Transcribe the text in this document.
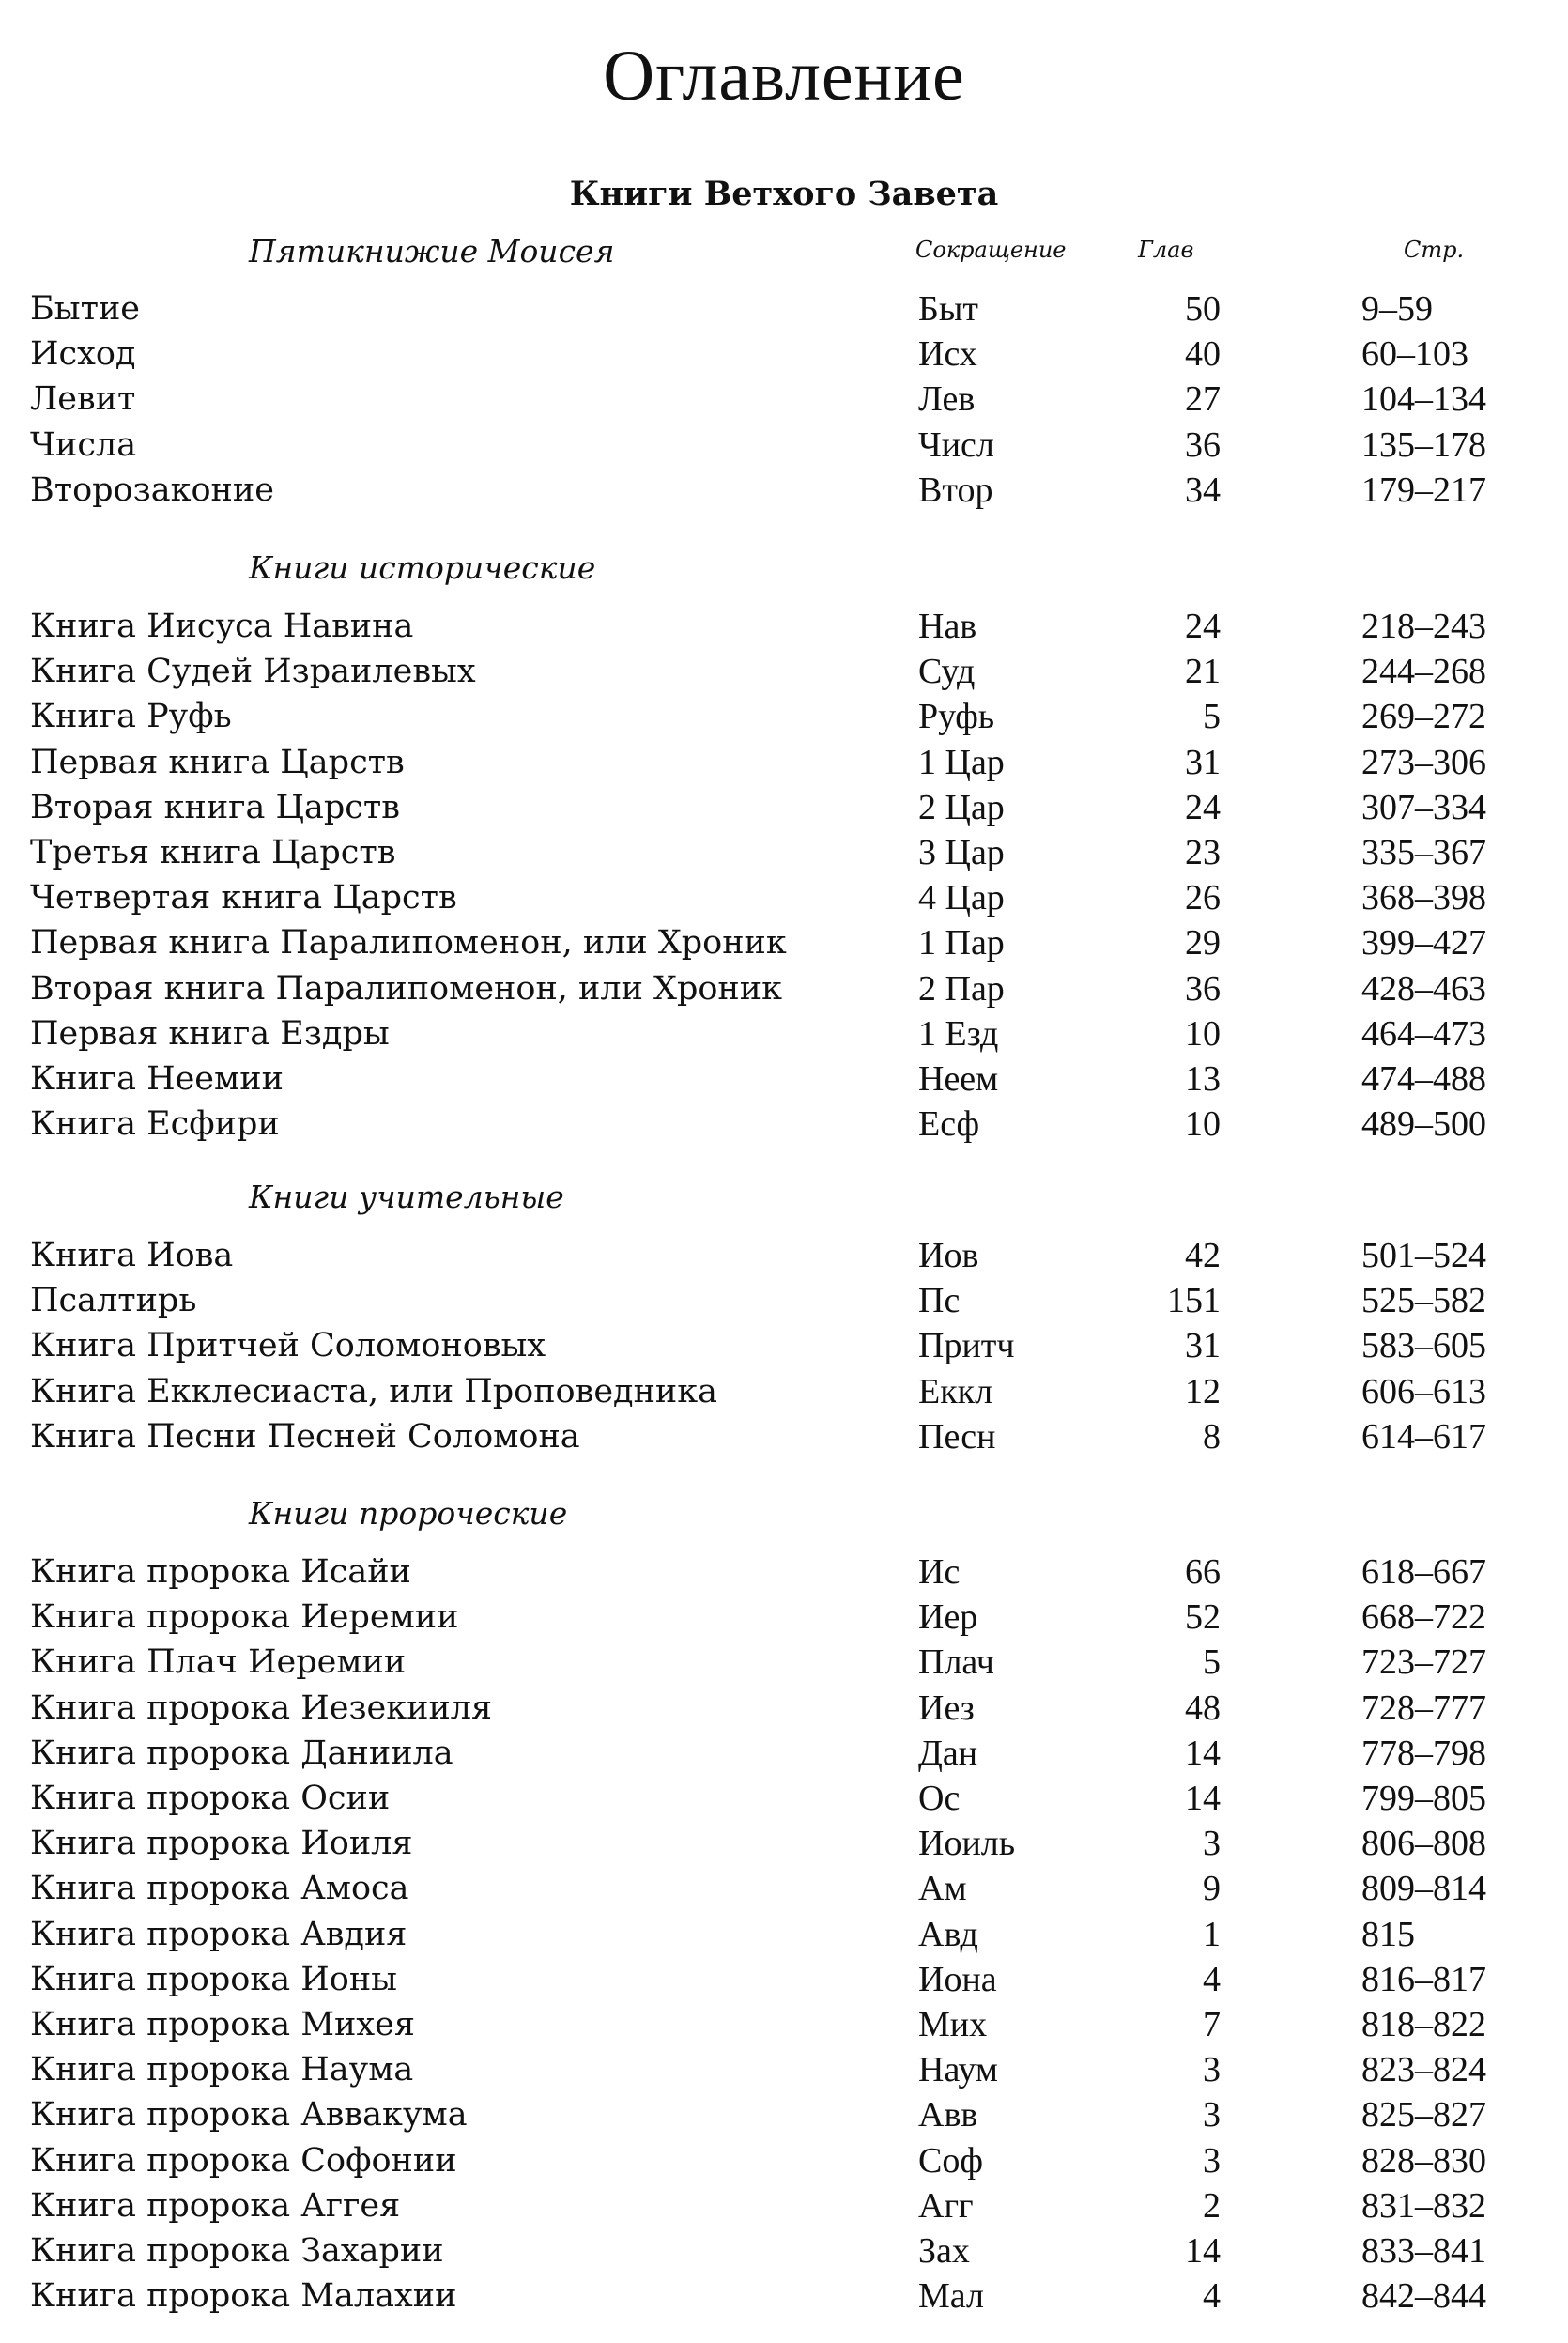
Оглавление
Книги Ветхого Завета
Сокращение	Глав	Стр.
Пятикнижие Моисея
Бытие	Быт	50	9–59
Исход	Исх	40	60–103
Левит	Лев	27	104–134
Числа	Числ	36	135–178
Второзаконие	Втор	34	179–217
Книги исторические
Книга Иисуса Навина	Нав	24	218–243
Книга Судей Израилевых	Суд	21	244–268
Книга Руфь	Руфь	5	269–272
Первая книга Царств	1 Цар	31	273–306
Вторая книга Царств	2 Цар	24	307–334
Третья книга Царств	3 Цар	23	335–367
Четвертая книга Царств	4 Цар	26	368–398
Первая книга Паралипоменон, или Хроник	1 Пар	29	399–427
Вторая книга Паралипоменон, или Хроник	2 Пар	36	428–463
Первая книга Ездры	1 Езд	10	464–473
Книга Неемии	Неем	13	474–488
Книга Есфири	Есф	10	489–500
Книги учительные
Книга Иова	Иов	42	501–524
Псалтирь	Пс	151	525–582
Книга Притчей Соломоновых	Притч	31	583–605
Книга Екклесиаста, или Проповедника	Еккл	12	606–613
Книга Песни Песней Соломона	Песн	8	614–617
Книги пророческие
Книга пророка Исайи	Ис	66	618–667
Книга пророка Иеремии	Иер	52	668–722
Книга Плач Иеремии	Плач	5	723–727
Книга пророка Иезекииля	Иез	48	728–777
Книга пророка Даниила	Дан	14	778–798
Книга пророка Осии	Ос	14	799–805
Книга пророка Иоиля	Иоиль	3	806–808
Книга пророка Амоса	Ам	9	809–814
Книга пророка Авдия	Авд	1	815
Книга пророка Ионы	Иона	4	816–817
Книга пророка Михея	Мих	7	818–822
Книга пророка Наума	Наум	3	823–824
Книга пророка Аввакума	Авв	3	825–827
Книга пророка Софонии	Соф	3	828–830
Книга пророка Аггея	Агг	2	831–832
Книга пророка Захарии	Зах	14	833–841
Книга пророка Малахии	Мал	4	842–844
